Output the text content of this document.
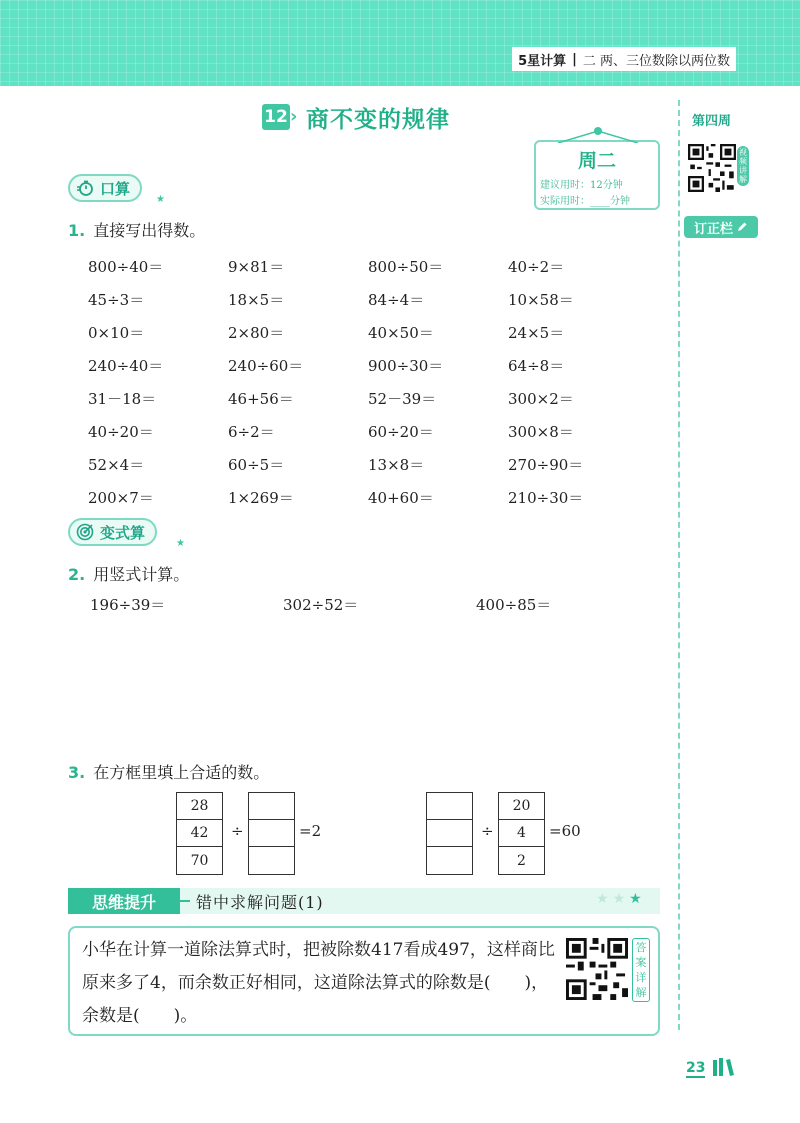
5星计算 | 二 两、三位数除以两位数
第四周
视频讲解
订正栏
12 › 商不变的规律
周二
建议用时：12分钟
实际用时：____分钟
口算
★
1. 直接写出得数。
800÷40＝	9×81＝	800÷50＝	40÷2＝
45÷3＝	18×5＝	84÷4＝	10×58＝
0×10＝	2×80＝	40×50＝	24×5＝
240÷40＝	240÷60＝	900÷30＝	64÷8＝
31－18＝	46+56＝	52－39＝	300×2＝
40÷20＝	6÷2＝	60÷20＝	300×8＝
52×4＝	60÷5＝	13×8＝	270÷90＝
200×7＝	1×269＝	40+60＝	210÷30＝
变式算
★
2. 用竖式计算。
196÷39＝	302÷52＝	400÷85＝
3. 在方框里填上合适的数。
28
42
70
÷	=2	÷
20
4
2
=60
思维提升	错中求解问题(1)	★★★
小华在计算一道除法算式时，把被除数417看成497，这样商比原来多了4，而余数正好相同，这道除法算式的除数是(　　)，余数是(　　)。
答案详解
23
